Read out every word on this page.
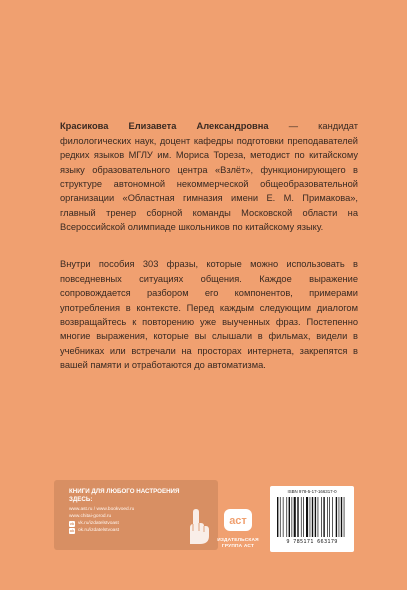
Красикова Елизавета Александровна — кандидат филологических наук, доцент кафедры подготовки преподавателей редких языков МГЛУ им. Мориса Тореза, методист по китайскому языку образовательного центра «Взлёт», функционирующего в структуре автономной некоммерческой общеобразовательной организации «Областная гимназия имени Е. М. Примакова», главный тренер сборной команды Московской области на Всероссийской олимпиаде школьников по китайскому языку.

Внутри пособия 303 фразы, которые можно использовать в повседневных ситуациях общения. Каждое выражение сопровождается разбором его компонентов, примерами употребления в контексте. Перед каждым следующим диалогом возвращайтесь к повторению уже выученных фраз. Постепенно многие выражения, которые вы слышали в фильмах, видели в учебниках или встречали на просторах интернета, закрепятся в вашей памяти и отработаются до автоматизма.

КНИГИ ДЛЯ ЛЮБОГО НАСТРОЕНИЯ ЗДЕСЬ:
www.ast.ru / www.bookvoed.ru
www.chitai-gorod.ru
vk vk.ru/izdatelstvoast
ok ok.ru/izdatelstvoast
аст
ИЗДАТЕЛЬСКАЯ ГРУППА АСТ
ISBN 978-5-17-166317-0
9 785171 663179
